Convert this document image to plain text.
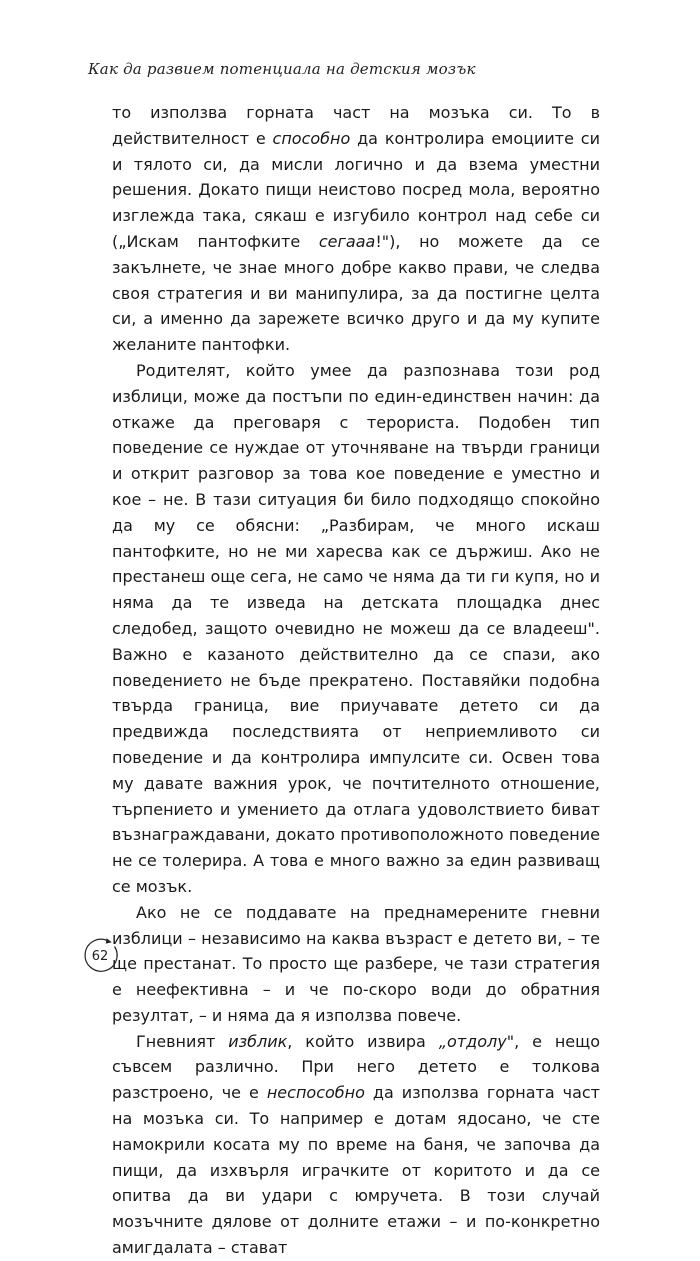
Как да развием потенциала на детския мозък

то използва горната част на мозъка си. То в действителност е способно да контролира емоциите си и тялото си, да мисли логично и да взема уместни решения. Докато пищи неистово посред мола, вероятно изглежда така, сякаш е изгубило контрол над себе си („Искам пантофките сегааа!"), но можете да се закълнете, че знае много добре какво прави, че следва своя стратегия и ви манипулира, за да постигне целта си, а именно да зарежете всичко друго и да му купите желаните пантофки.

Родителят, който умее да разпознава този род изблици, може да постъпи по един-единствен начин: да откаже да преговаря с терориста. Подобен тип поведение се нуждае от уточняване на твърди граници и открит разговор за това кое поведение е уместно и кое – не. В тази ситуация би било подходящо спокойно да му се обясни: „Разбирам, че много искаш пантофките, но не ми харесва как се държиш. Ако не престанеш още сега, не само че няма да ти ги купя, но и няма да те изведа на детската площадка днес следобед, защото очевидно не можеш да се владееш". Важно е казаното действително да се спази, ако поведението не бъде прекратено. Поставяйки подобна твърда граница, вие приучавате детето си да предвижда последствията от неприемливото си поведение и да контролира импулсите си. Освен това му давате важния урок, че почтителното отношение, търпението и умението да отлага удоволствието биват възнаграждавани, докато противоположното поведение не се толерира. А това е много важно за един развиващ се мозък.

Ако не се поддавате на преднамерените гневни изблици – независимо на каква възраст е детето ви, – те ще престанат. То просто ще разбере, че тази стратегия е неефективна – и че по-скоро води до обратния резултат, – и няма да я използва повече.

Гневният изблик, който извира „отдолу", е нещо съвсем различно. При него детето е толкова разстроено, че е неспособно да използва горната част на мозъка си. То например е дотам ядосано, че сте намокрили косата му по време на баня, че започва да пищи, да изхвърля играчките от коритото и да се опитва да ви удари с юмручета. В този случай мозъчните дялове от долните етажи – и по-конкретно амигдалата – стават

62
